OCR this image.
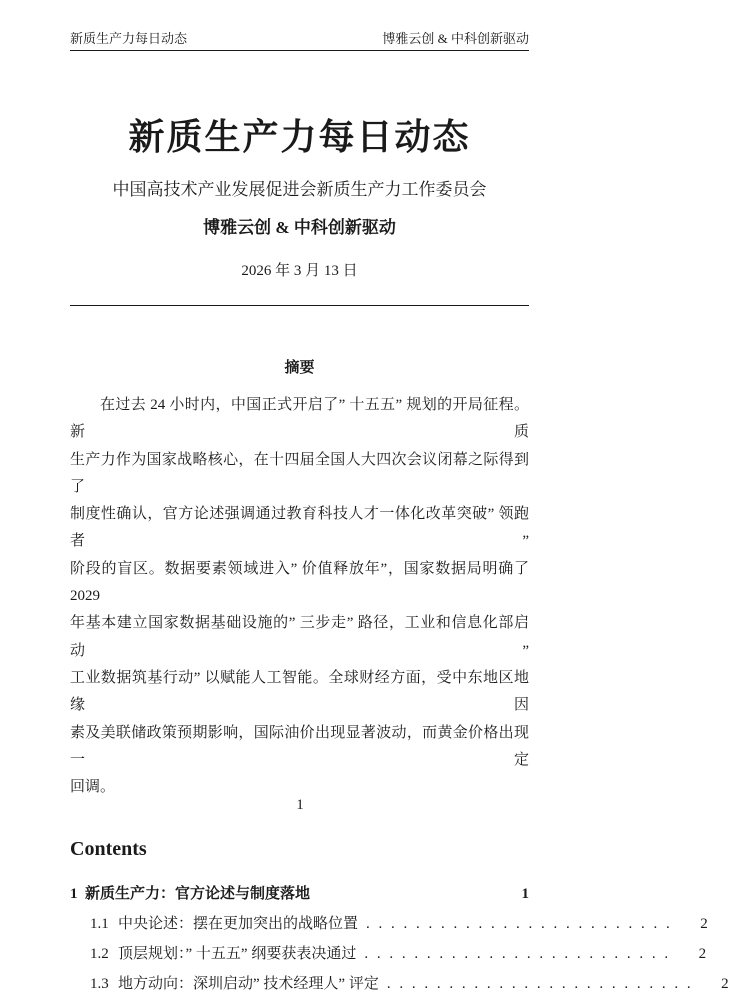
新质生产力每日动态	博雅云创 & 中科创新驱动
新质生产力每日动态
中国高技术产业发展促进会新质生产力工作委员会
博雅云创 & 中科创新驱动
2026 年 3 月 13 日
摘要
在过去 24 小时内，中国正式开启了” 十五五” 规划的开局征程。新质
生产力作为国家战略核心，在十四届全国人大四次会议闭幕之际得到了
制度性确认，官方论述强调通过教育科技人才一体化改革突破” 领跑者”
阶段的盲区。数据要素领域进入” 价值释放年”，国家数据局明确了 2029
年基本建立国家数据基础设施的” 三步走” 路径，工业和信息化部启动”
工业数据筑基行动” 以赋能人工智能。全球财经方面，受中东地区地缘因
素及美联储政策预期影响，国际油价出现显著波动，而黄金价格出现一定
回调。
Contents
1 新质生产力：官方论述与制度落地	1
1.1 中央论述：摆在更加突出的战略位置 . . . . . . . . . . . . . . . . . . . . . . . . .	2
1.2 顶层规划：” 十五五” 纲要获表决通过 . . . . . . . . . . . . . . . . . . . . . . . . .	2
1.3 地方动向：深圳启动” 技术经理人” 评定 . . . . . . . . . . . . . . . . . . . . . . . . .	2
1
